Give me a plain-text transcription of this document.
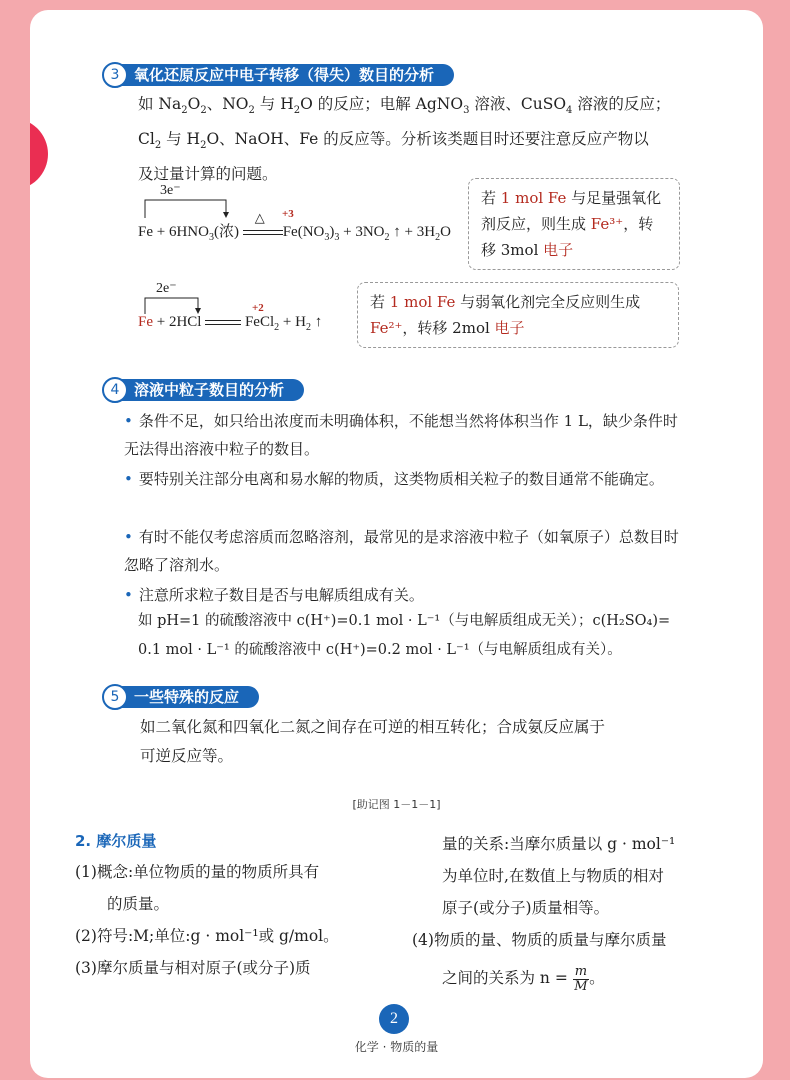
3 氧化还原反应中电子转移（得失）数目的分析
如 $Na_2O_2$、$NO_2$ 与 $H_2O$ 的反应；电解 AgNO$_3$ 溶液、CuSO$_4$ 溶液的反应；
$Cl_2$ 与 $H_2O$、NaOH、Fe 的反应等。分析该类题目时还要注意反应产物以
及过量计算的问题。
3e⁻
+3
$Fe + 6HNO_3$(浓)
△
$Fe(NO_3)_3 + 3NO_2$ ↑ + $3H_2O$
若 1 mol Fe 与足量强氧化剂反应，则生成 Fe³⁺，转移 3mol 电子
2e⁻
+2
Fe + 2HCl	FeCl$_2$ + $H_2$ ↑
若 1 mol Fe 与弱氧化剂完全反应则生成
Fe²⁺，转移 2mol 电子
4 溶液中粒子数目的分析
• 条件不足，如只给出浓度而未明确体积，不能想当然将体积当作 1 L，缺少条件时无法得出溶液中粒子的数目。
• 要特别关注部分电离和易水解的物质，这类物质相关粒子的数目通常不能确定。
• 有时不能仅考虑溶质而忽略溶剂，最常见的是求溶液中粒子（如氧原子）总数目时忽略了溶剂水。
• 注意所求粒子数目是否与电解质组成有关。
如 pH=1 的硫酸溶液中 c(H⁺)=0.1 mol · L⁻¹（与电解质组成无关）；c(H₂SO₄)=
0.1 mol · L⁻¹ 的硫酸溶液中 c(H⁺)=0.2 mol · L⁻¹（与电解质组成有关）。
5 一些特殊的反应
如二氧化氮和四氧化二氮之间存在可逆的相互转化；合成氨反应属于
可逆反应等。
[助记图 1－1－1]
2. 摩尔质量
(1)概念:单位物质的量的物质所具有
的质量。
(2)符号:M;单位:g · mol⁻¹或 g/mol。
(3)摩尔质量与相对原子(或分子)质
量的关系:当摩尔质量以 g · mol⁻¹
为单位时,在数值上与物质的相对
原子(或分子)质量相等。
(4)物质的量、物质的质量与摩尔质量
之间的关系为 $n = \frac{m}{M}$ 。
2
化学 · 物质的量
